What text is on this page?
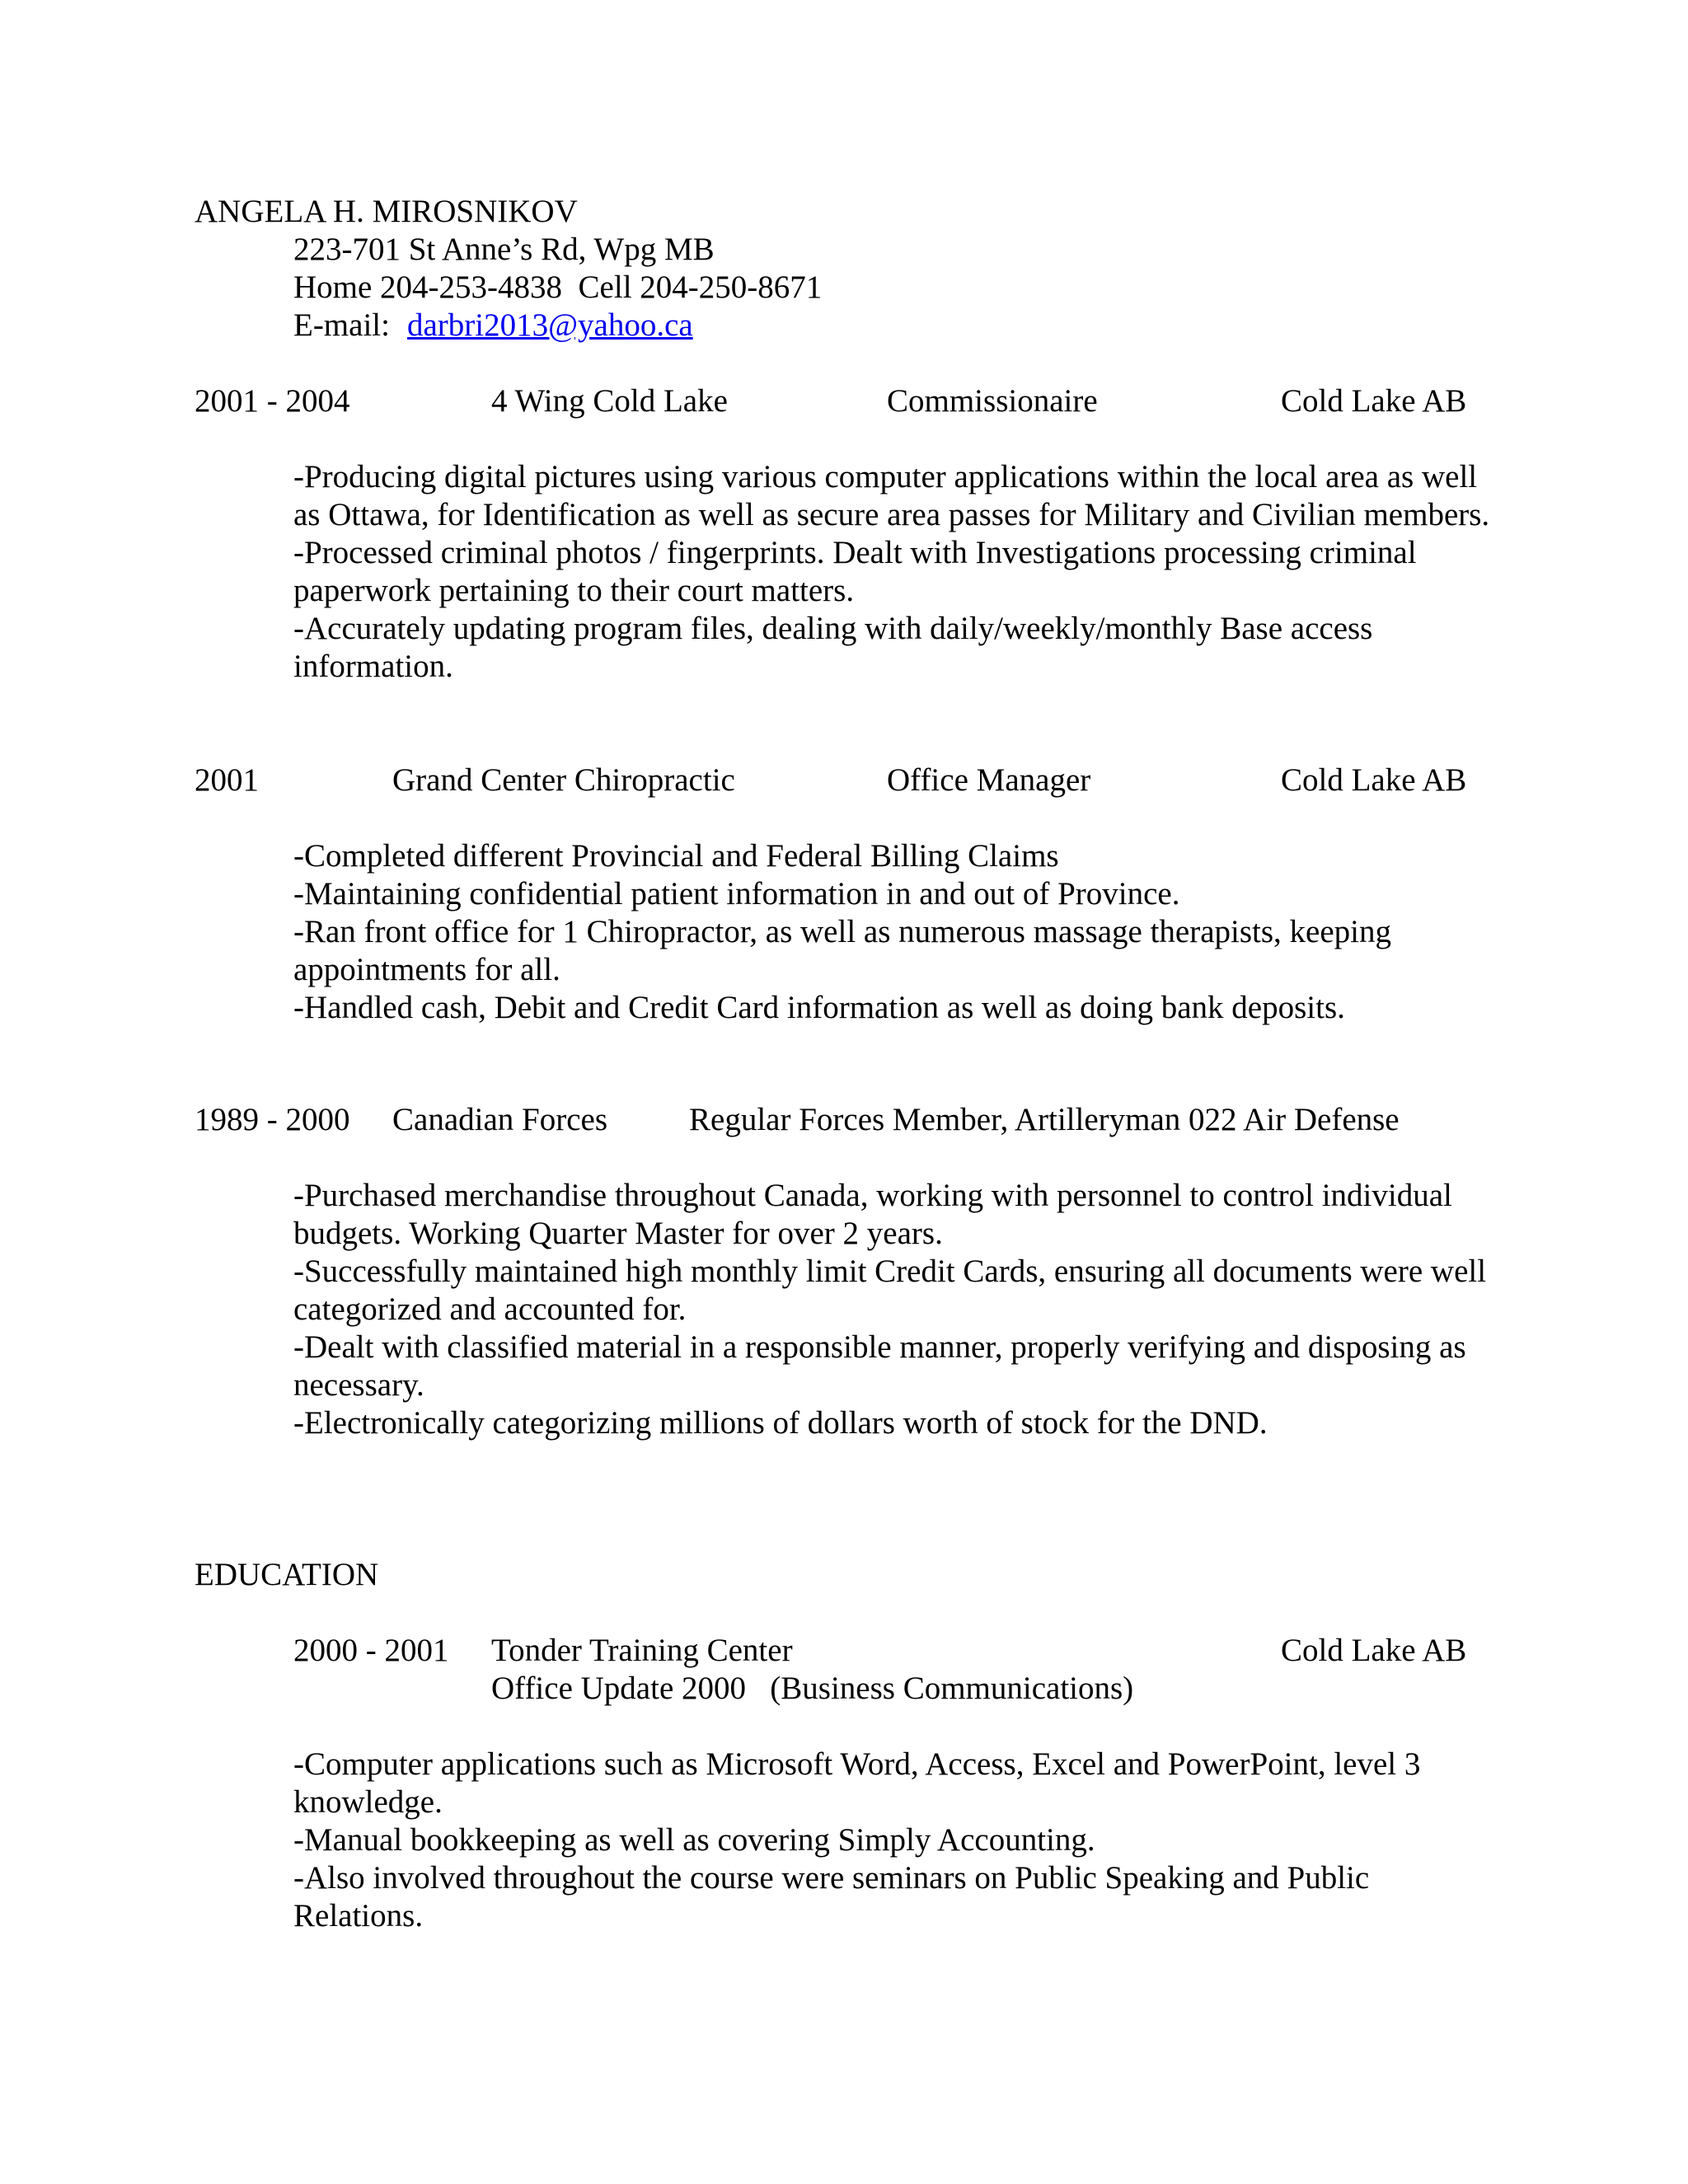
ANGELA H. MIROSNIKOV
223-701 St Anne’s Rd, Wpg MB
Home 204-253-4838  Cell 204-250-8671
E-mail: darbri2013@yahoo.ca
2001 - 2004	4 Wing Cold Lake	Commissionaire	Cold Lake AB

-Producing digital pictures using various computer applications within the local area as well as Ottawa, for Identification as well as secure area passes for Military and Civilian members.

-Processed criminal photos / fingerprints. Dealt with Investigations processing criminal paperwork pertaining to their court matters.

-Accurately updating program files, dealing with daily/weekly/monthly Base access information.

2001	Grand Center Chiropractic	Office Manager	Cold Lake AB

-Completed different Provincial and Federal Billing Claims

-Maintaining confidential patient information in and out of Province.

-Ran front office for 1 Chiropractor, as well as numerous massage therapists, keeping appointments for all.

-Handled cash, Debit and Credit Card information as well as doing bank deposits.

1989 - 2000 Canadian Forces	Regular Forces Member, Artilleryman 022 Air Defense

-Purchased merchandise throughout Canada, working with personnel to control individual budgets. Working Quarter Master for over 2 years.

-Successfully maintained high monthly limit Credit Cards, ensuring all documents were well categorized and accounted for.

-Dealt with classified material in a responsible manner, properly verifying and disposing as necessary.

-Electronically categorizing millions of dollars worth of stock for the DND.

EDUCATION
2000 - 2001 Tonder Training Center	Cold Lake AB
Office Update 2000   (Business Communications)

-Computer applications such as Microsoft Word, Access, Excel and PowerPoint, level 3 knowledge.

-Manual bookkeeping as well as covering Simply Accounting.

-Also involved throughout the course were seminars on Public Speaking and Public Relations.
